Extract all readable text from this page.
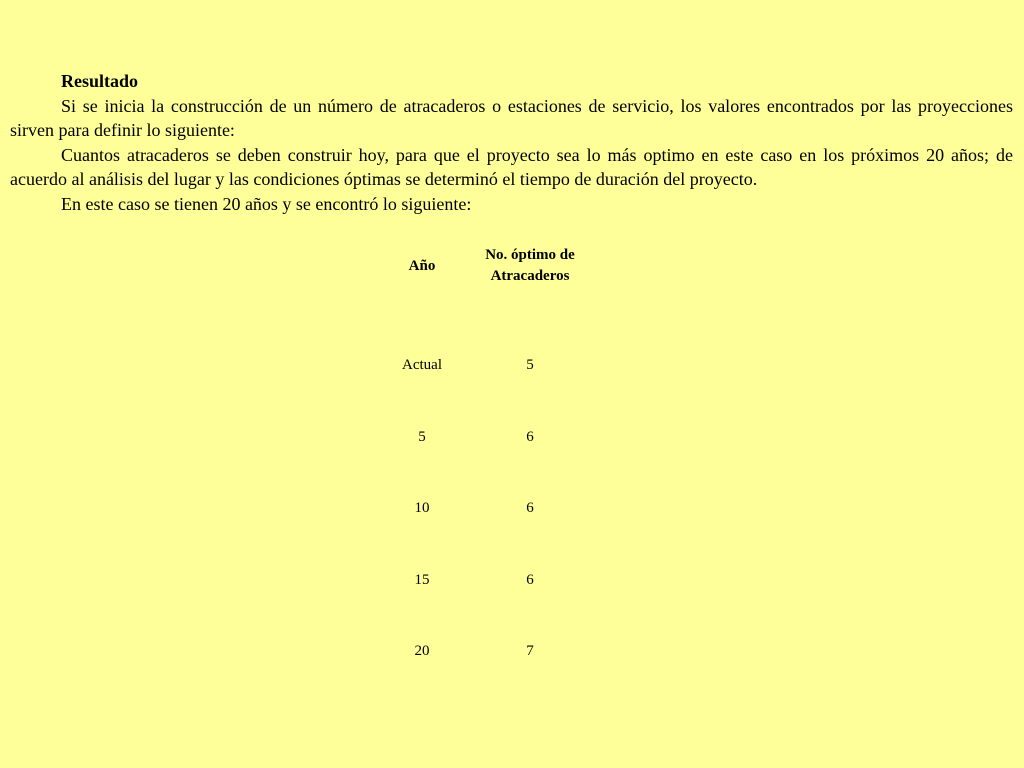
Resultado

Si se inicia la construcción de un número de atracaderos o estaciones de servicio, los valores encontrados por las proyecciones sirven para definir lo siguiente:

Cuantos atracaderos se deben construir hoy, para que el proyecto sea lo más optimo en este caso en los próximos 20 años; de acuerdo al análisis del lugar y las condiciones óptimas se determinó el tiempo de duración del proyecto.

En este caso se tienen 20 años y se encontró lo siguiente:

Año	No. óptimo de Atracaderos
Actual	5
5	6
10	6
15	6
20	7
